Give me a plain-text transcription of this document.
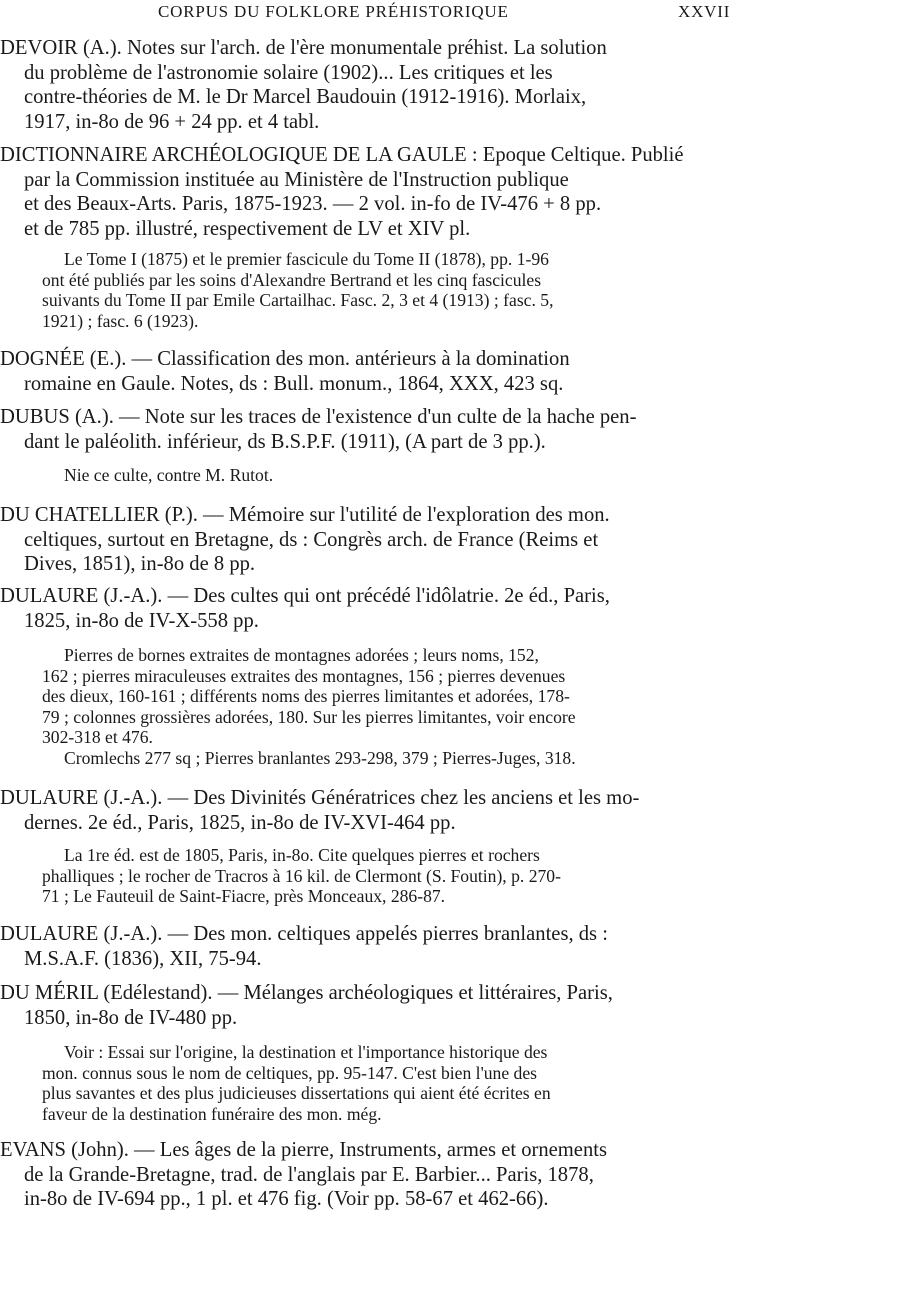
CORPUS DU FOLKLORE PRÉHISTORIQUE	XXVII
DEVOIR (A.). Notes sur l'arch. de l'ère monumentale préhist. La solution
du problème de l'astronomie solaire (1902)... Les critiques et les
contre-théories de M. le Dr Marcel Baudouin (1912-1916). Morlaix,
1917, in-8o de 96 + 24 pp. et 4 tabl.
DICTIONNAIRE ARCHÉOLOGIQUE DE LA GAULE : Epoque Celtique. Publié
par la Commission instituée au Ministère de l'Instruction publique
et des Beaux-Arts. Paris, 1875-1923. — 2 vol. in-fo de IV-476 + 8 pp.
et de 785 pp. illustré, respectivement de LV et XIV pl.
Le Tome I (1875) et le premier fascicule du Tome II (1878), pp. 1-96
ont été publiés par les soins d'Alexandre Bertrand et les cinq fascicules
suivants du Tome II par Emile Cartailhac. Fasc. 2, 3 et 4 (1913) ; fasc. 5,
1921) ; fasc. 6 (1923).
DOGNÉE (E.). — Classification des mon. antérieurs à la domination
romaine en Gaule. Notes, ds : Bull. monum., 1864, XXX, 423 sq.
DUBUS (A.). — Note sur les traces de l'existence d'un culte de la hache pen-
dant le paléolith. inférieur, ds B.S.P.F. (1911), (A part de 3 pp.).
Nie ce culte, contre M. Rutot.
DU CHATELLIER (P.). — Mémoire sur l'utilité de l'exploration des mon.
celtiques, surtout en Bretagne, ds : Congrès arch. de France (Reims et
Dives, 1851), in-8o de 8 pp.
DULAURE (J.-A.). — Des cultes qui ont précédé l'idôlatrie. 2e éd., Paris,
1825, in-8o de IV-X-558 pp.
Pierres de bornes extraites de montagnes adorées ; leurs noms, 152,
162 ; pierres miraculeuses extraites des montagnes, 156 ; pierres devenues
des dieux, 160-161 ; différents noms des pierres limitantes et adorées, 178-
79 ; colonnes grossières adorées, 180. Sur les pierres limitantes, voir encore
302-318 et 476.
Cromlechs 277 sq ; Pierres branlantes 293-298, 379 ; Pierres-Juges, 318.
DULAURE (J.-A.). — Des Divinités Génératrices chez les anciens et les mo-
dernes. 2e éd., Paris, 1825, in-8o de IV-XVI-464 pp.
La 1re éd. est de 1805, Paris, in-8o. Cite quelques pierres et rochers
phalliques ; le rocher de Tracros à 16 kil. de Clermont (S. Foutin), p. 270-
71 ; Le Fauteuil de Saint-Fiacre, près Monceaux, 286-87.
DULAURE (J.-A.). — Des mon. celtiques appelés pierres branlantes, ds :
M.S.A.F. (1836), XII, 75-94.
DU MÉRIL (Edélestand). — Mélanges archéologiques et littéraires, Paris,
1850, in-8o de IV-480 pp.
Voir : Essai sur l'origine, la destination et l'importance historique des
mon. connus sous le nom de celtiques, pp. 95-147. C'est bien l'une des
plus savantes et des plus judicieuses dissertations qui aient été écrites en
faveur de la destination funéraire des mon. még.
EVANS (John). — Les âges de la pierre, Instruments, armes et ornements
de la Grande-Bretagne, trad. de l'anglais par E. Barbier... Paris, 1878,
in-8o de IV-694 pp., 1 pl. et 476 fig. (Voir pp. 58-67 et 462-66).
